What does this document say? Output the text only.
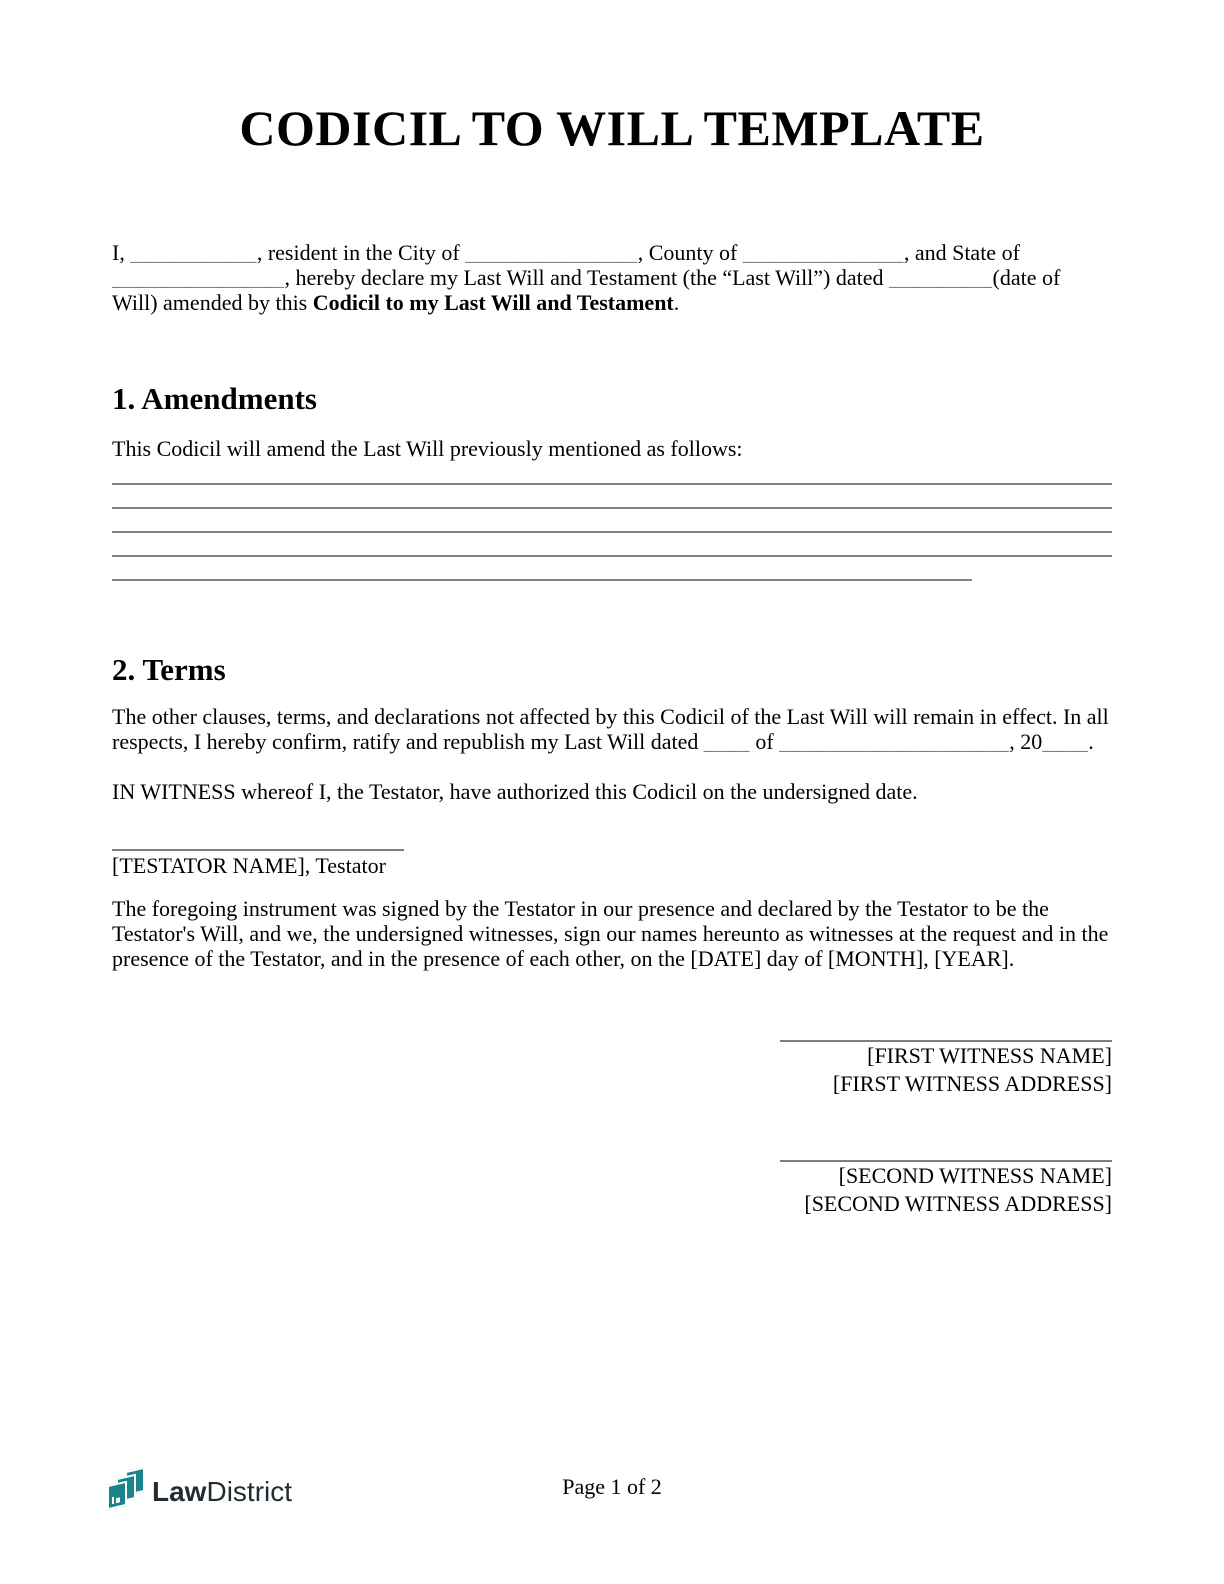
CODICIL TO WILL TEMPLATE
I, ___________, resident in the City of _______________, County of ______________, and State of
_______________, hereby declare my Last Will and Testament (the “Last Will”) dated _________(date of
Will) amended by this Codicil to my Last Will and Testament.
1. Amendments
This Codicil will amend the Last Will previously mentioned as follows:
2. Terms
The other clauses, terms, and declarations not affected by this Codicil of the Last Will will remain in effect. In all
respects, I hereby confirm, ratify and republish my Last Will dated ____ of ____________________, 20____.
IN WITNESS whereof I, the Testator, have authorized this Codicil on the undersigned date.
[TESTATOR NAME], Testator
The foregoing instrument was signed by the Testator in our presence and declared by the Testator to be the
Testator's Will, and we, the undersigned witnesses, sign our names hereunto as witnesses at the request and in the
presence of the Testator, and in the presence of each other, on the [DATE] day of [MONTH], [YEAR].
[FIRST WITNESS NAME]
[FIRST WITNESS ADDRESS]
[SECOND WITNESS NAME]
[SECOND WITNESS ADDRESS]
LawDistrict	Page 1 of 2
